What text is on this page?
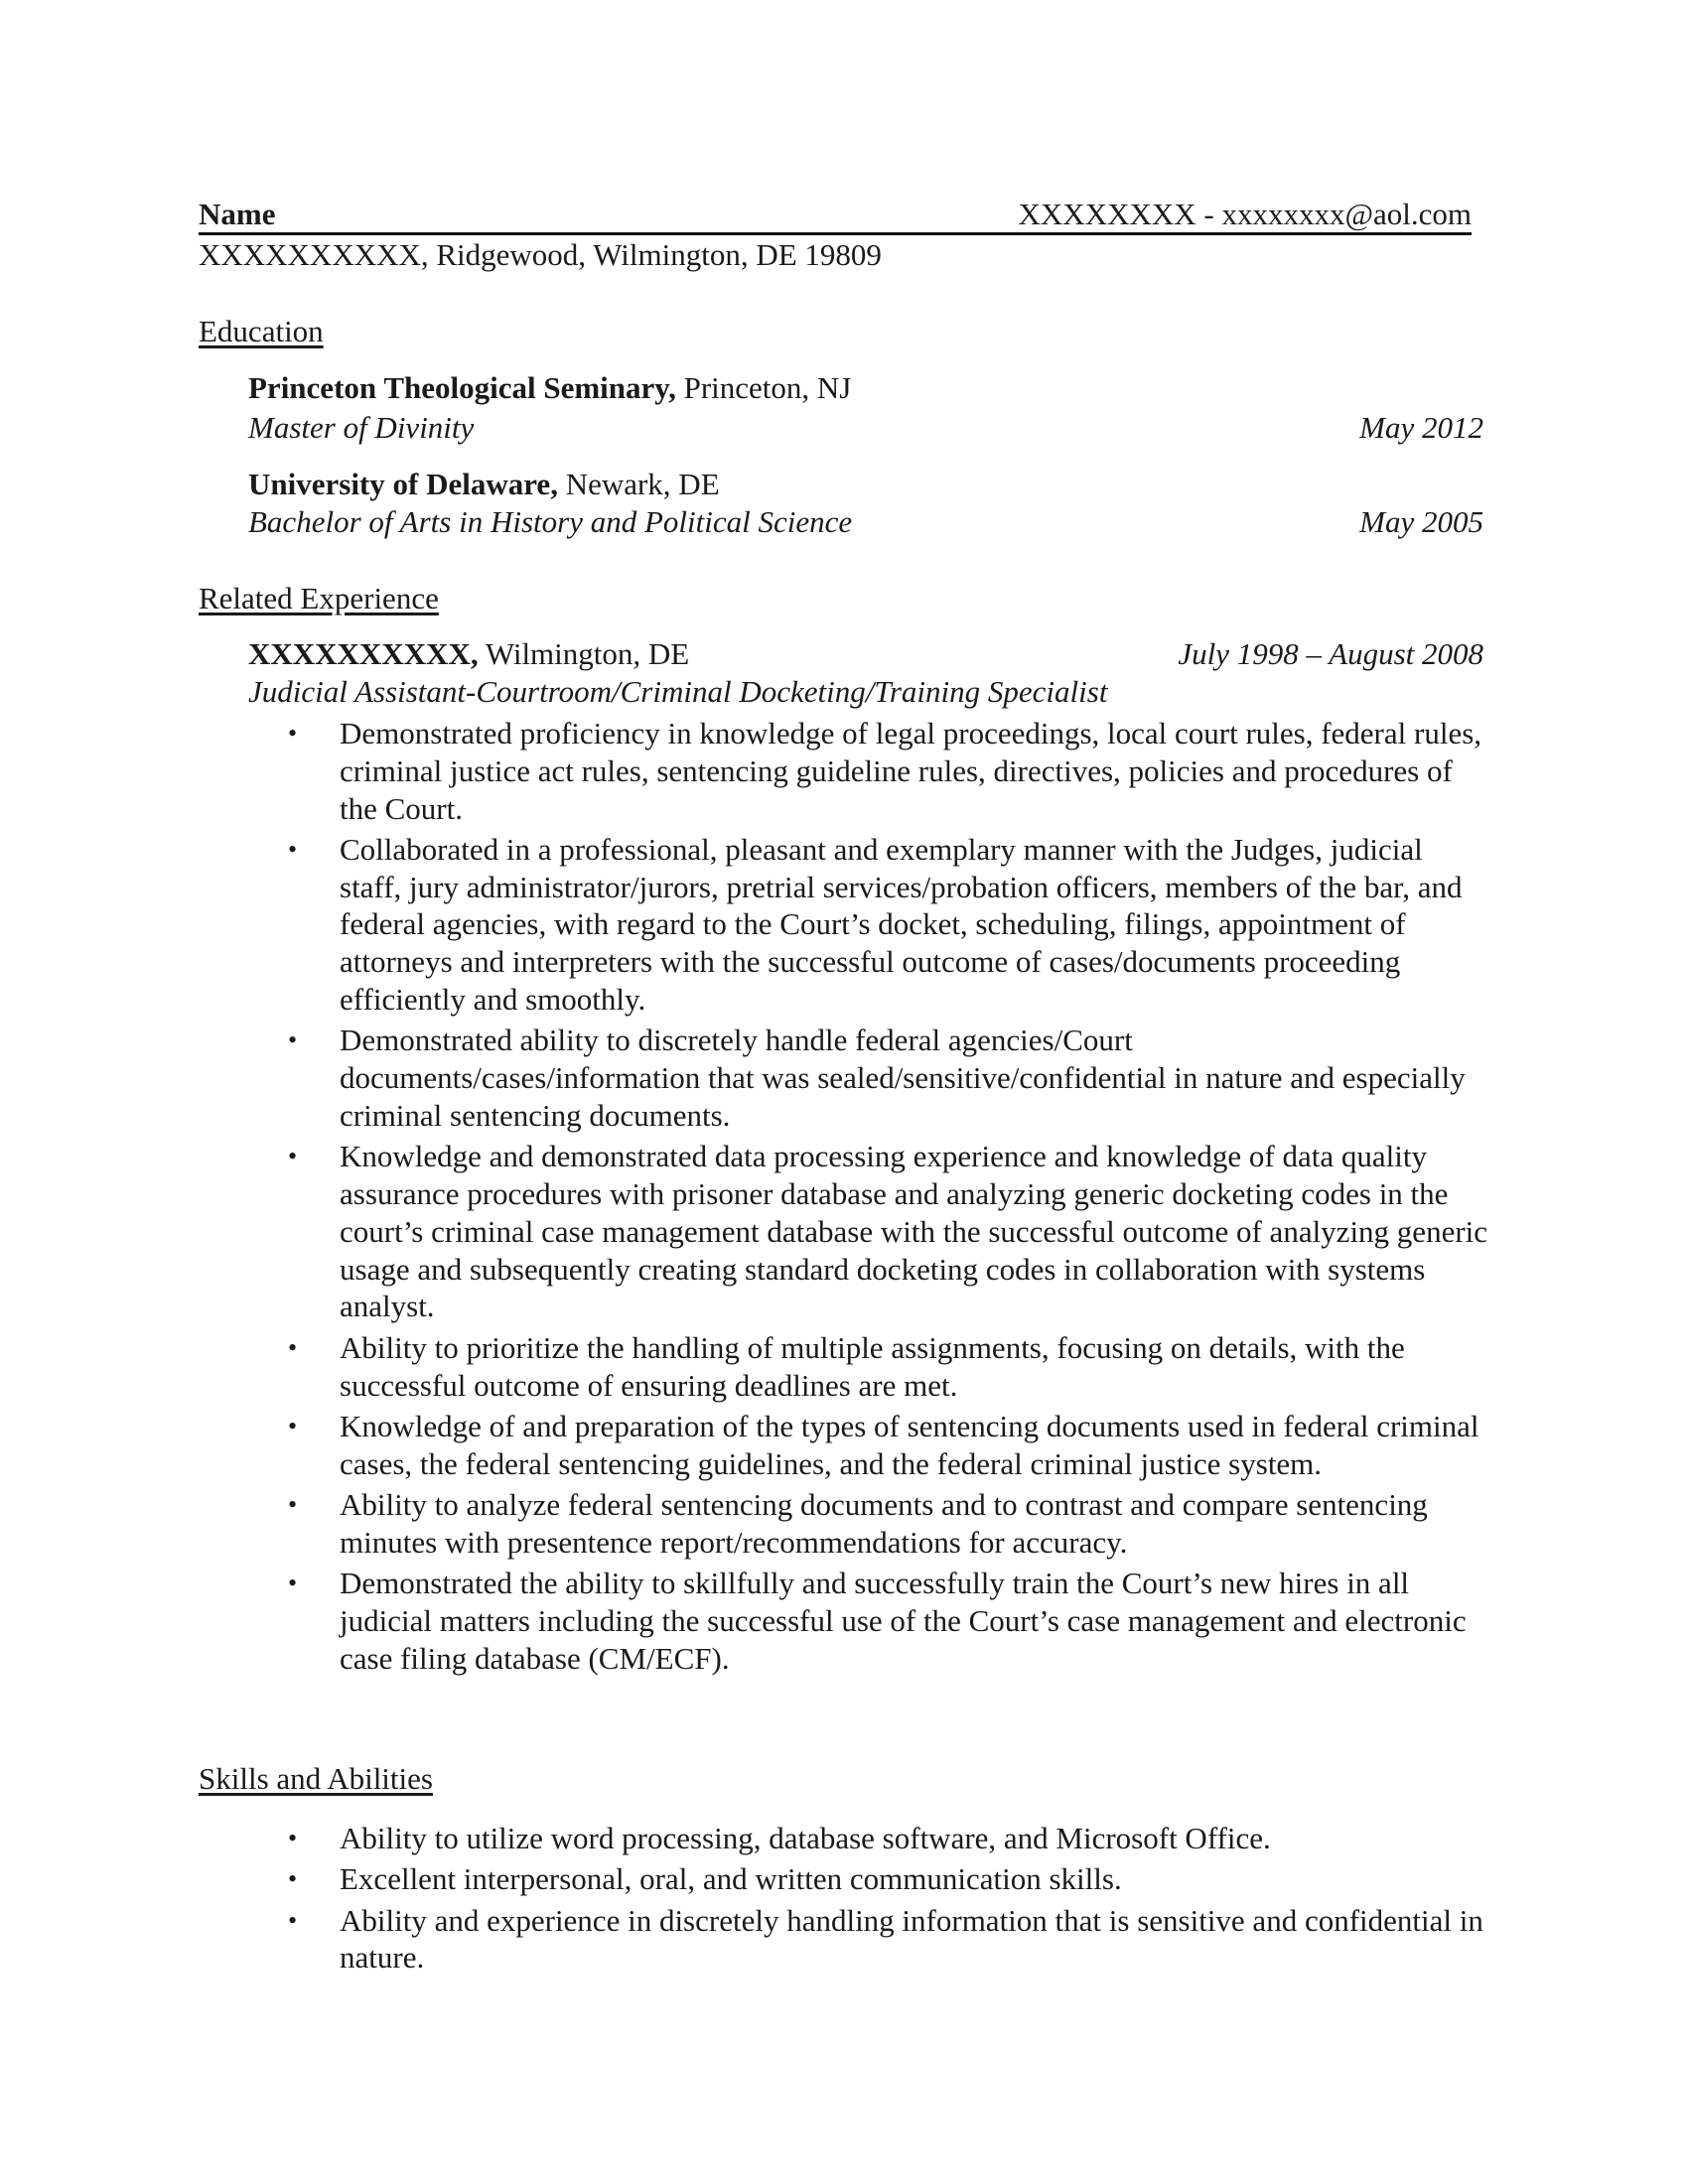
Name	XXXXXXXX - xxxxxxxx@aol.com
XXXXXXXXXX, Ridgewood, Wilmington, DE 19809
Education
Princeton Theological Seminary, Princeton, NJ
Master of Divinity	May 2012
University of Delaware, Newark, DE
Bachelor of Arts in History and Political Science	May 2005
Related Experience
XXXXXXXXXX, Wilmington, DE	July 1998 – August 2008
Judicial Assistant-Courtroom/Criminal Docketing/Training Specialist
•	Demonstrated proficiency in knowledge of legal proceedings, local court rules, federal rules, criminal justice act rules, sentencing guideline rules, directives, policies and procedures of the Court.
•	Collaborated in a professional, pleasant and exemplary manner with the Judges, judicial staff, jury administrator/jurors, pretrial services/probation officers, members of the bar, and federal agencies, with regard to the Court’s docket, scheduling, filings, appointment of attorneys and interpreters with the successful outcome of cases/documents proceeding efficiently and smoothly.
•	Demonstrated ability to discretely handle federal agencies/Court documents/cases/information that was sealed/sensitive/confidential in nature and especially criminal sentencing documents.
•	Knowledge and demonstrated data processing experience and knowledge of data quality assurance procedures with prisoner database and analyzing generic docketing codes in the court’s criminal case management database with the successful outcome of analyzing generic usage and subsequently creating standard docketing codes in collaboration with systems analyst.
•	Ability to prioritize the handling of multiple assignments, focusing on details, with the successful outcome of ensuring deadlines are met.
•	Knowledge of and preparation of the types of sentencing documents used in federal criminal cases, the federal sentencing guidelines, and the federal criminal justice system.
•	Ability to analyze federal sentencing documents and to contrast and compare sentencing minutes with presentence report/recommendations for accuracy.
•	Demonstrated the ability to skillfully and successfully train the Court’s new hires in all judicial matters including the successful use of the Court’s case management and electronic case filing database (CM/ECF).
Skills and Abilities
•	Ability to utilize word processing, database software, and Microsoft Office.
•	Excellent interpersonal, oral, and written communication skills.
•	Ability and experience in discretely handling information that is sensitive and confidential in nature.
